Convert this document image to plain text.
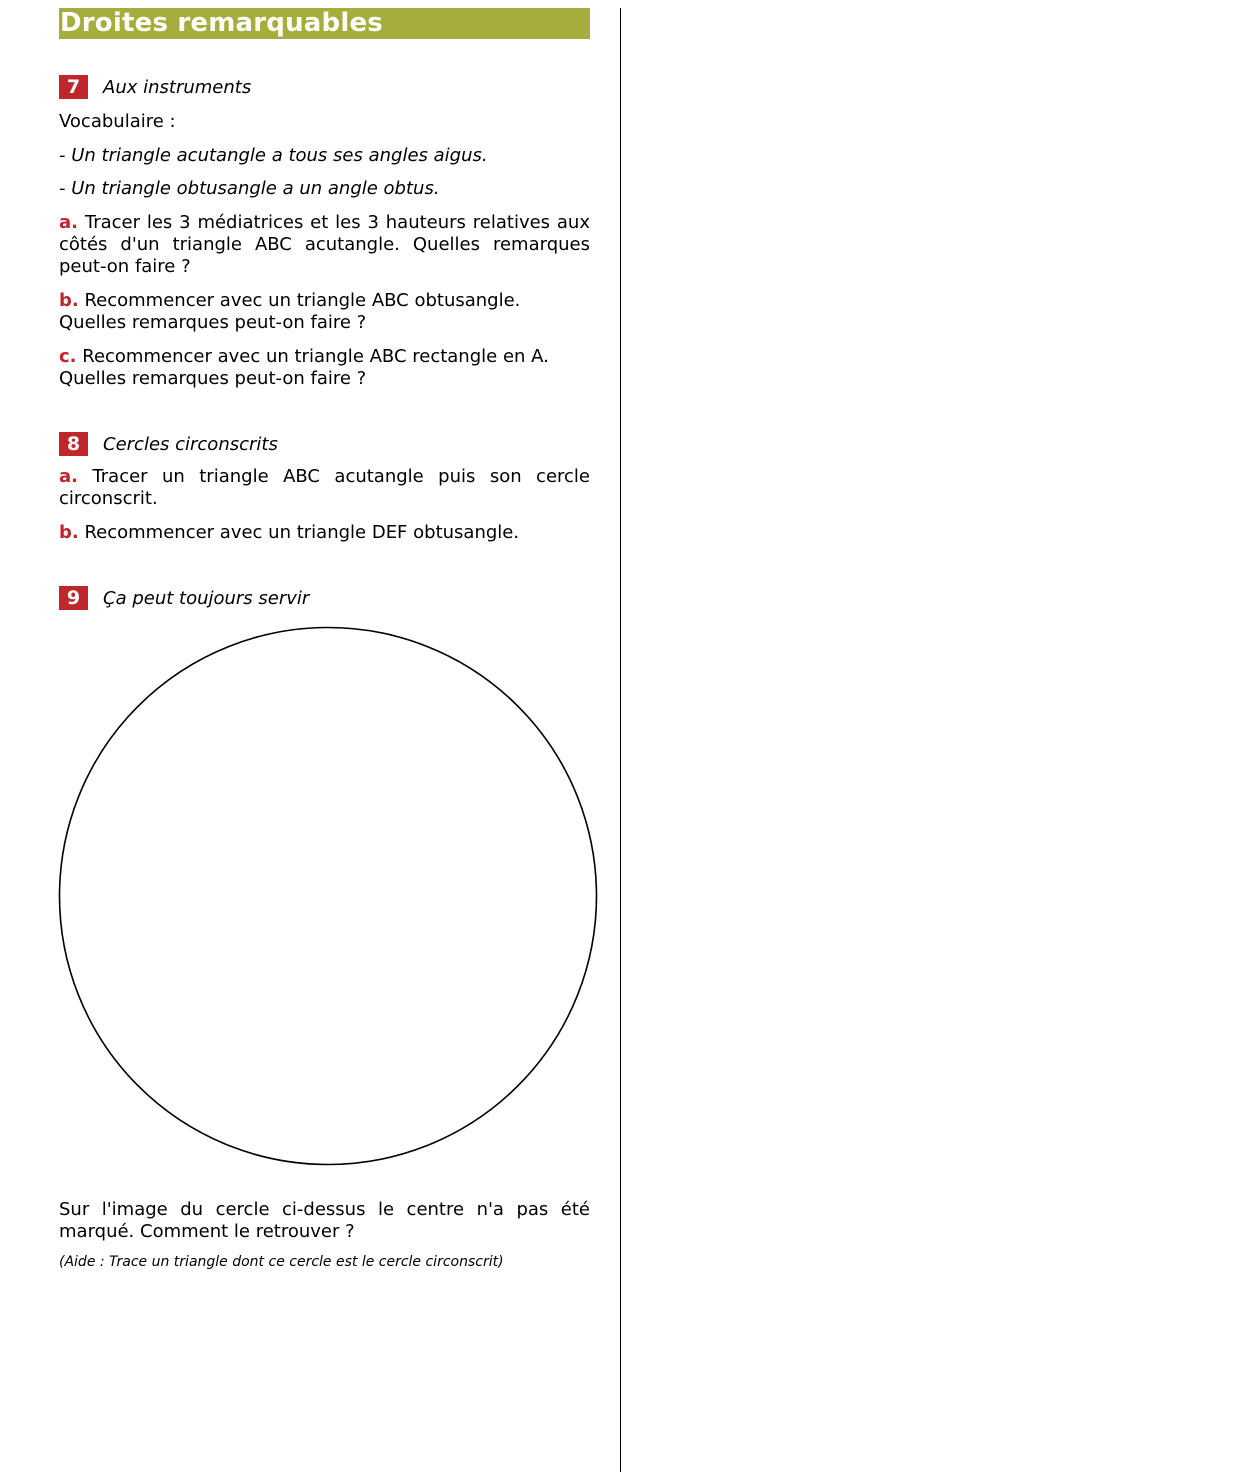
Droites remarquables
7	Aux instruments

Vocabulaire :

- Un triangle acutangle a tous ses angles aigus.

- Un triangle obtusangle a un angle obtus.

a. Tracer les 3 médiatrices et les 3 hauteurs relatives aux côtés d'un triangle ABC acutangle. Quelles remarques peut-on faire ?

b. Recommencer avec un triangle ABC obtusangle.
Quelles remarques peut-on faire ?

c. Recommencer avec un triangle ABC rectangle en A.
Quelles remarques peut-on faire ?

8	Cercles circonscrits

a. Tracer un triangle ABC acutangle puis son cercle circonscrit.

b. Recommencer avec un triangle DEF obtusangle.

9	Ça peut toujours servir

Sur l'image du cercle ci-dessus le centre n'a pas été marqué. Comment le retrouver ?

(Aide : Trace un triangle dont ce cercle est le cercle circonscrit)
